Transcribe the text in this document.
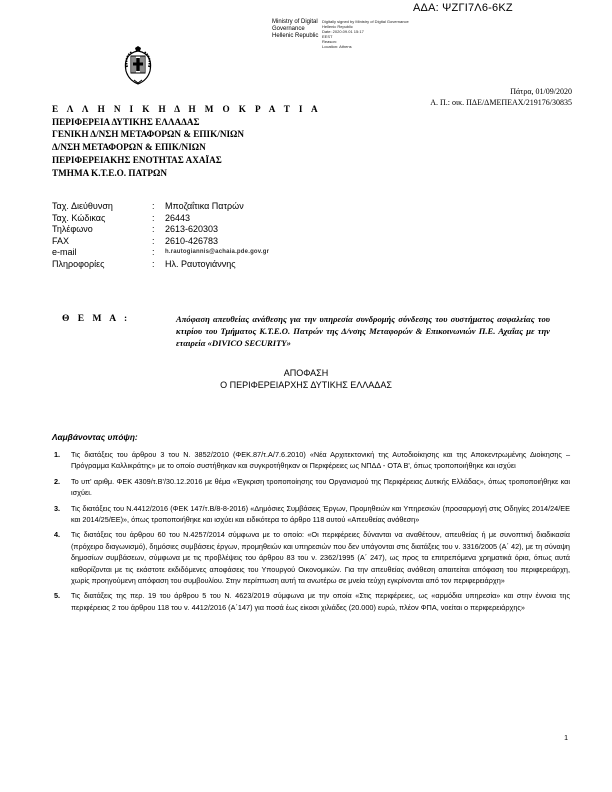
ΑΔΑ: ΨΖΓΙ7Λ6-6ΚΖ
Ministry of Digital
Governance
Hellenic Republic
Digitally signed by Ministry of Digital Governance
Hellenic Republic
Date: 2020.09.01 15:17
EEST
Reason:
Location: Athens
Πάτρα, 01/09/2020
Α. Π.: οικ. ΠΔΕ/ΔΜΕΠΕΑΧ/219176/30835
Ε Λ Λ Η Ν Ι Κ Η Δ Η Μ Ο Κ Ρ Α Τ Ι Α
ΠΕΡΙΦΕΡΕΙΑ ΔΥΤΙΚΗΣ ΕΛΛΑΔΑΣ
ΓΕΝΙΚΗ Δ/ΝΣΗ ΜΕΤΑΦΟΡΩΝ & ΕΠΙΚ/ΝΙΩΝ
Δ/ΝΣΗ ΜΕΤΑΦΟΡΩΝ & ΕΠΙΚ/ΝΙΩΝ
ΠΕΡΙΦΕΡΕΙΑΚΗΣ ΕΝΟΤΗΤΑΣ ΑΧΑΪΑΣ
ΤΜΗΜΑ Κ.Τ.Ε.Ο. ΠΑΤΡΩΝ
Ταχ. Διεύθυνση	:	Μποζαΐτικα Πατρών
Ταχ. Κώδικας	:	26443
Τηλέφωνο	:	2613-620303
FAX	:	2610-426783
e-mail	:	h.rautogiannis@achaia.pde.gov.gr
Πληροφορίες	:	Ηλ. Ραυτογιάννης
Θ Ε Μ Α :	Απόφαση απευθείας ανάθεσης για την υπηρεσία συνδρομής σύνδεσης του συστήματος ασφαλείας του κτιρίου του Τμήματος Κ.Τ.Ε.Ο. Πατρών της Δ/νσης Μεταφορών & Επικοινωνιών Π.Ε. Αχαΐας με την εταιρεία «DIVICO SECURITY»
ΑΠΟΦΑΣΗ
Ο ΠΕΡΙΦΕΡΕΙΑΡΧΗΣ ΔΥΤΙΚΗΣ ΕΛΛΑΔΑΣ
Λαμβάνοντας υπόψη:
1.	Τις διατάξεις του άρθρου 3 του Ν. 3852/2010 (ΦΕΚ.87/τ.Α/7.6.2010) «Νέα Αρχιτεκτονική της Αυτοδιοίκησης και της Αποκεντρωμένης Διοίκησης – Πρόγραμμα Καλλικράτης» με το οποίο συστήθηκαν και συγκροτήθηκαν οι Περιφέρειες ως ΝΠΔΔ - ΟΤΑ Β', όπως τροποποιήθηκε και ισχύει
2.	Το υπ' αριθμ. ΦΕΚ 4309/τ.Β'/30.12.2016 με θέμα «Έγκριση τροποποίησης του Οργανισμού της Περιφέρειας Δυτικής Ελλάδας», όπως τροποποιήθηκε και ισχύει.
3.	Τις διατάξεις του Ν.4412/2016 (ΦΕΚ 147/τ.Β/8-8-2016) «Δημόσιες Συμβάσεις Έργων, Προμηθειών και Υπηρεσιών (προσαρμογή στις Οδηγίες 2014/24/ΕΕ και 2014/25/ΕΕ)», όπως τροποποιήθηκε και ισχύει και ειδικότερα το άρθρο 118 αυτού «Απευθείας ανάθεση»
4.	Τις διατάξεις του άρθρου 60 του Ν.4257/2014 σύμφωνα με το οποίο: «Οι περιφέρειες δύνανται να αναθέτουν, απευθείας ή με συνοπτική διαδικασία (πρόχειρο διαγωνισμό), δημόσιες συμβάσεις έργων, προμηθειών και υπηρεσιών που δεν υπάγονται στις διατάξεις του ν. 3316/2005 (Α΄ 42), με τη σύναψη δημοσίων συμβάσεων, σύμφωνα με τις προβλέψεις του άρθρου 83 του ν. 2362/1995 (Α΄ 247), ως προς τα επιτρεπόμενα χρηματικά όρια, όπως αυτά καθορίζονται με τις εκάστοτε εκδιδόμενες αποφάσεις του Υπουργού Οικονομικών. Για την απευθείας ανάθεση απαιτείται απόφαση του περιφερειάρχη, χωρίς προηγούμενη απόφαση του συμβουλίου. Στην περίπτωση αυτή τα ανωτέρω σε μνεία τεύχη εγκρίνονται από τον περιφερειάρχη»
5.	Τις διατάξεις της περ. 19 του άρθρου 5 του Ν. 4623/2019 σύμφωνα με την οποία «Στις περιφέρειες, ως «αρμόδια υπηρεσία» και στην έννοια της περιφέρειας 2 του άρθρου 118 του ν. 4412/2016 (Α΄147) για ποσά έως είκοσι χιλιάδες (20.000) ευρώ, πλέον ΦΠΑ, νοείται ο περιφερειάρχης»
1
